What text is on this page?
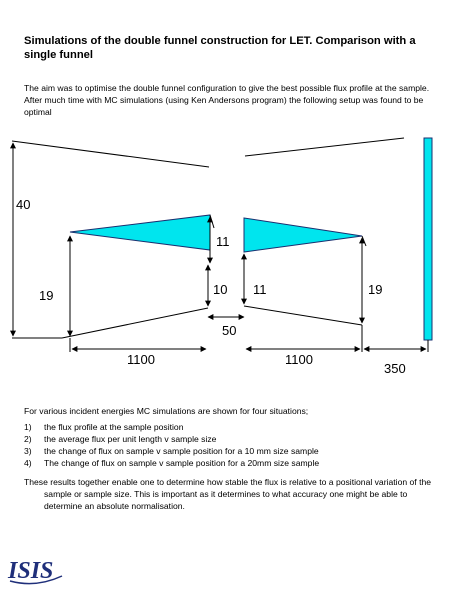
Simulations of the double funnel construction for LET. Comparison with a single funnel
The aim was to optimise the double funnel configuration to give the best possible flux profile at the sample. After much time with MC simulations (using Ken Andersons program) the following setup was found to be optimal
40
19
11
10 11	19
50
1100	1100
350
For various incident energies MC simulations are shown for four situations;
1) the flux profile at the sample position
2) the average flux per unit length v sample size
3) the change of flux on sample v sample position for a 10 mm size sample
4) The change of flux on sample v sample position for a 20mm size sample
These results together enable one to determine how stable the flux is relative to a positional variation of the sample or sample size. This is important as it determines to what accuracy one might be able to determine an absolute normalisation.
ISIS
